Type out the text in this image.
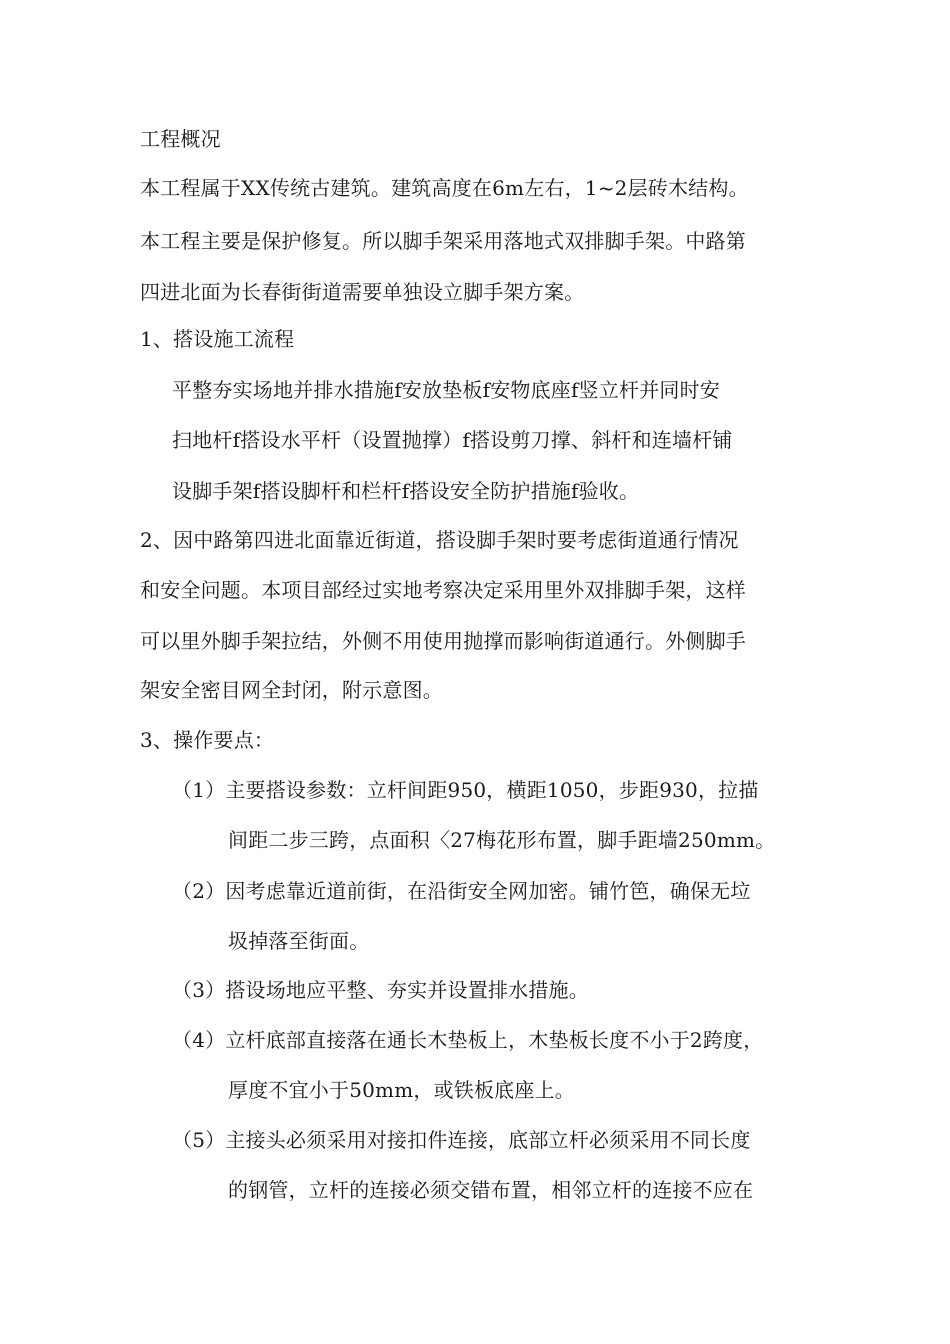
工程概况
本工程属于XX传统古建筑。建筑高度在6m左右，1~2层砖木结构。
本工程主要是保护修复。所以脚手架采用落地式双排脚手架。中路第
四进北面为长春街街道需要单独设立脚手架方案。
1、搭设施工流程
平整夯实场地并排水措施f安放垫板f安物底座f竖立杆并同时安
扫地杆f搭设水平杆（设置抛撑）f搭设剪刀撑、斜杆和连墙杆铺
设脚手架f搭设脚杆和栏杆f搭设安全防护措施f验收。
2、因中路第四进北面靠近街道，搭设脚手架时要考虑街道通行情况
和安全问题。本项目部经过实地考察决定采用里外双排脚手架，这样
可以里外脚手架拉结，外侧不用使用抛撑而影响街道通行。外侧脚手
架安全密目网全封闭，附示意图。
3、操作要点：
（1）主要搭设参数：立杆间距950，横距1050，步距930，拉描
间距二步三跨，点面积〈27梅花形布置，脚手距墙250mm。
（2）因考虑靠近道前街，在沿街安全网加密。铺竹笆，确保无垃
圾掉落至街面。
（3）搭设场地应平整、夯实并设置排水措施。
（4）立杆底部直接落在通长木垫板上，木垫板长度不小于2跨度，
厚度不宜小于50mm，或铁板底座上。
（5）主接头必须采用对接扣件连接，底部立杆必须采用不同长度
的钢管，立杆的连接必须交错布置，相邻立杆的连接不应在
